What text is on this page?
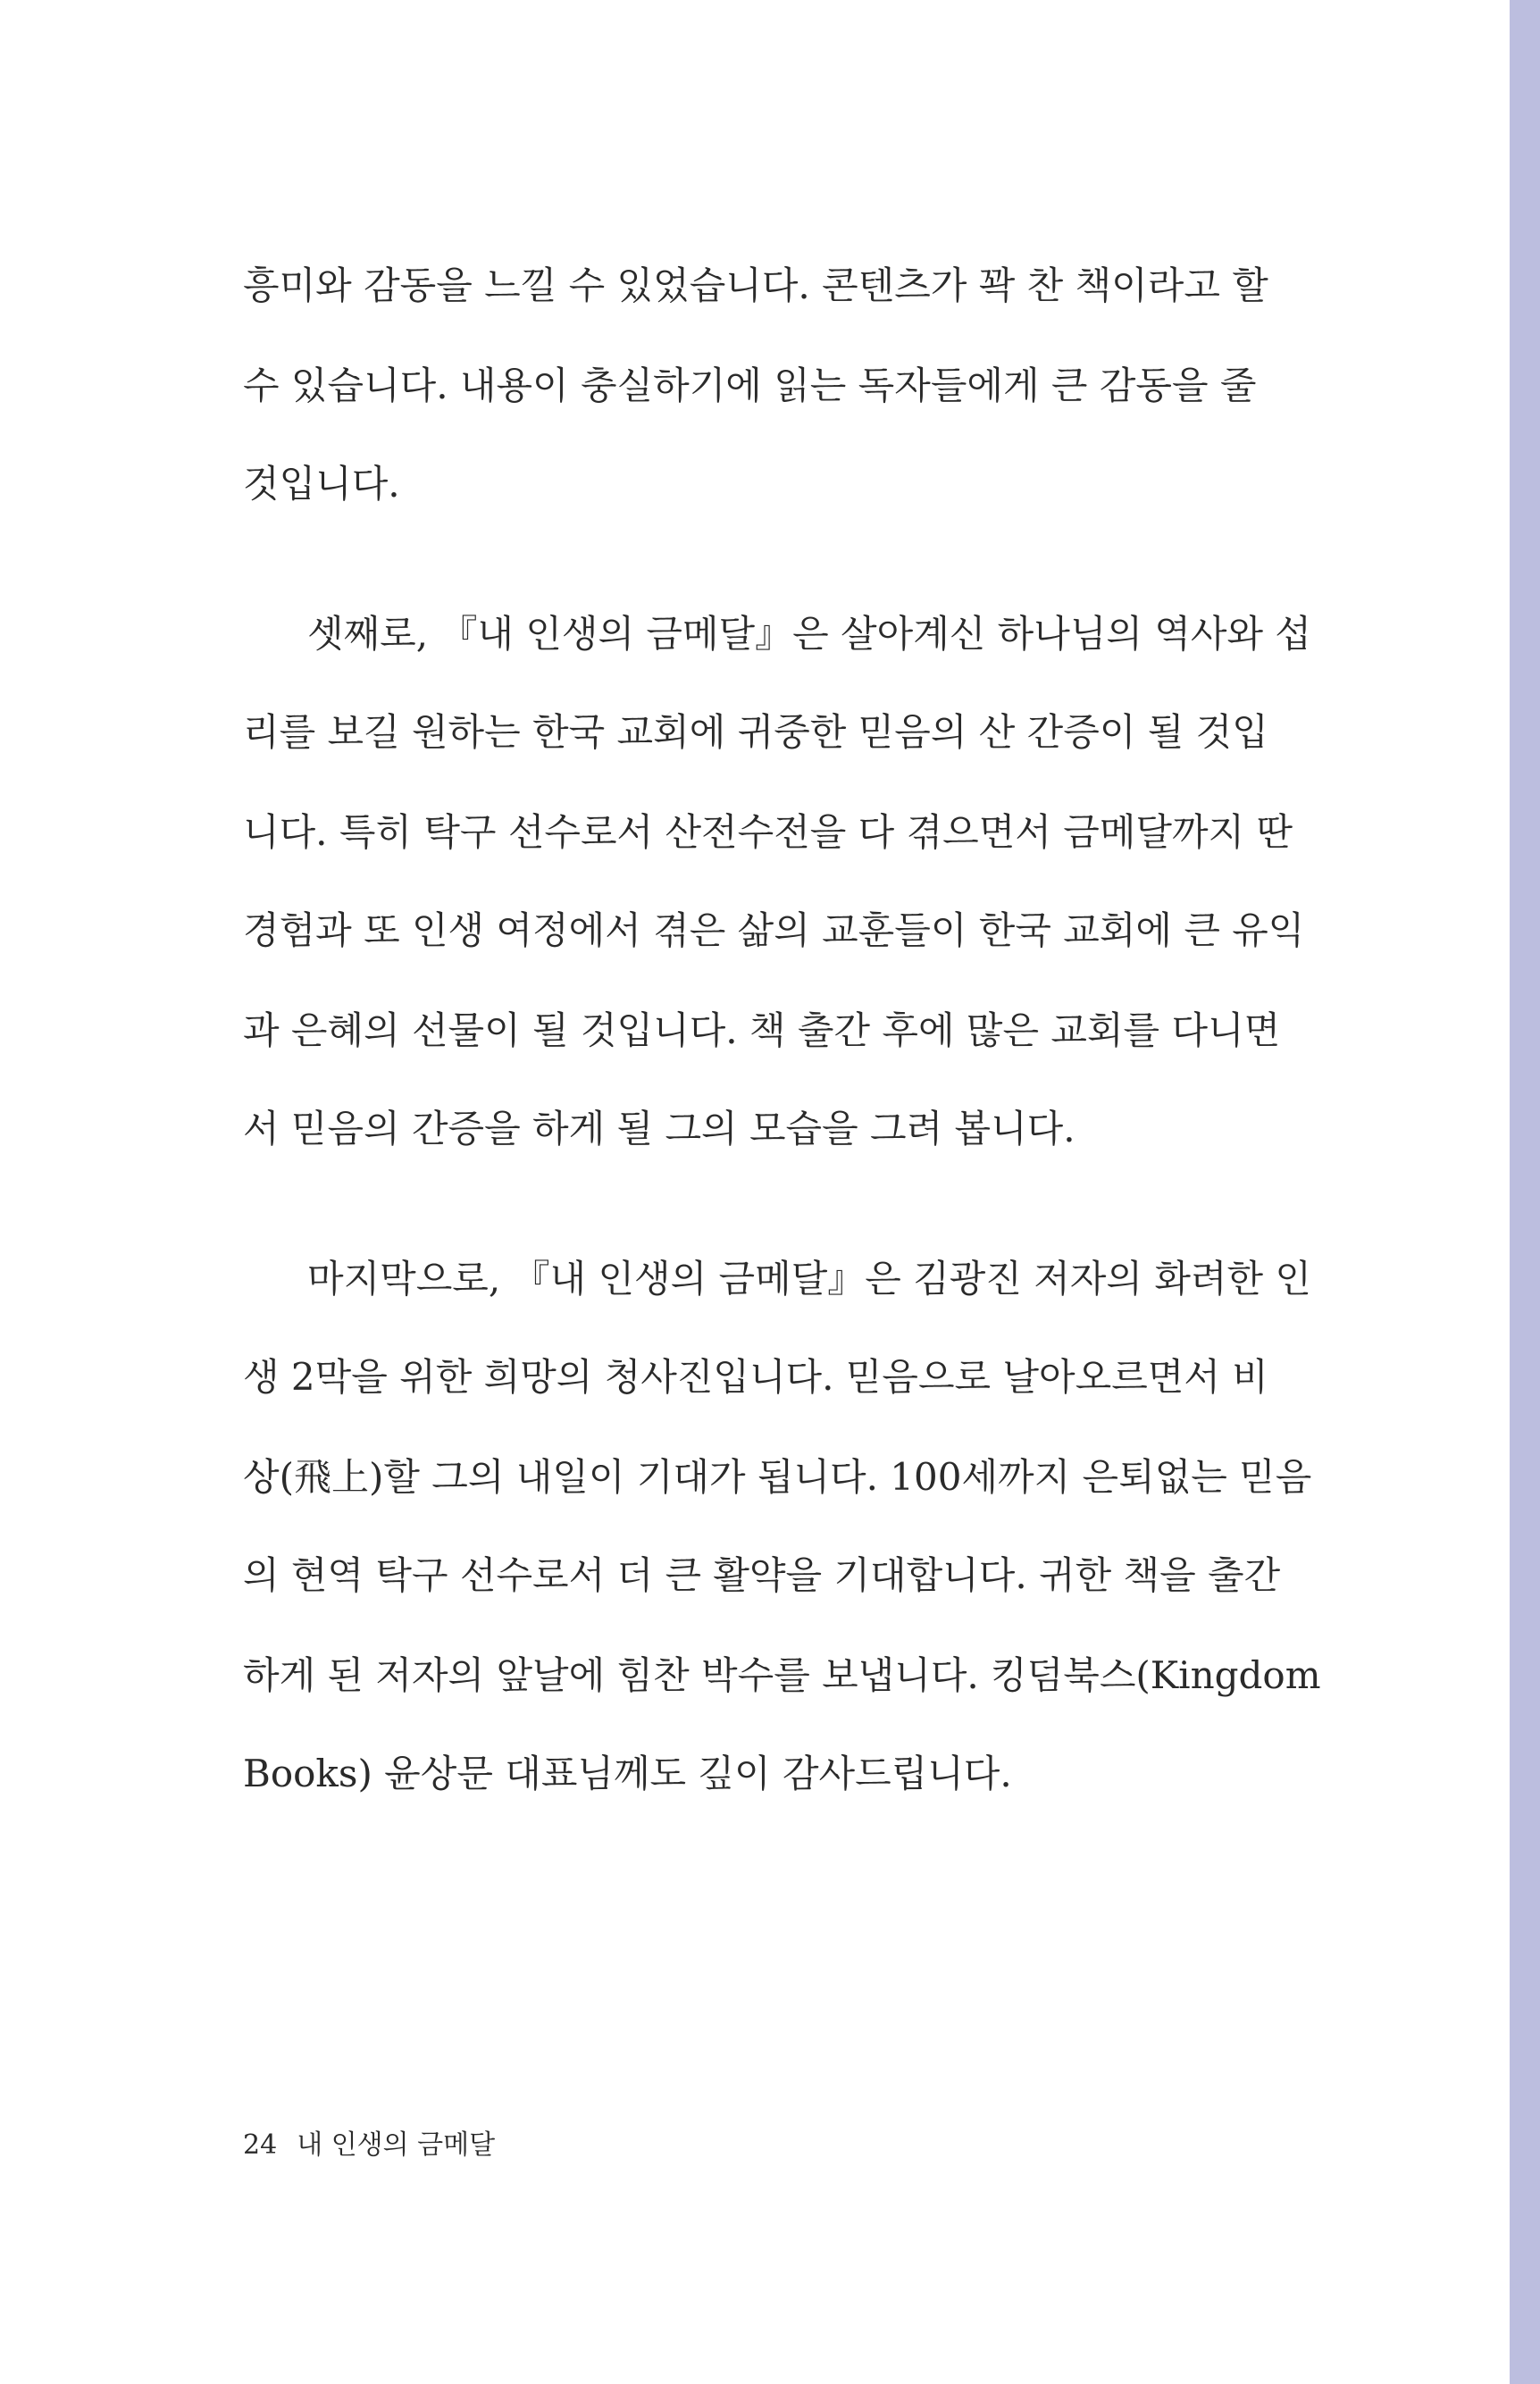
흥미와 감동을 느낄 수 있었습니다. 콘텐츠가 꽉 찬 책이라고 할
수 있습니다. 내용이 충실하기에 읽는 독자들에게 큰 감동을 줄
것입니다.
셋째로, 『내 인생의 금메달』은 살아계신 하나님의 역사와 섭
리를 보길 원하는 한국 교회에 귀중한 믿음의 산 간증이 될 것입
니다. 특히 탁구 선수로서 산전수전을 다 겪으면서 금메달까지 딴
경험과 또 인생 여정에서 겪은 삶의 교훈들이 한국 교회에 큰 유익
과 은혜의 선물이 될 것입니다. 책 출간 후에 많은 교회를 다니면
서 믿음의 간증을 하게 될 그의 모습을 그려 봅니다.
마지막으로, 『내 인생의 금메달』은 김광진 저자의 화려한 인
생 2막을 위한 희망의 청사진입니다. 믿음으로 날아오르면서 비
상(飛上)할 그의 내일이 기대가 됩니다. 100세까지 은퇴없는 믿음
의 현역 탁구 선수로서 더 큰 활약을 기대합니다. 귀한 책을 출간
하게 된 저자의 앞날에 힘찬 박수를 보냅니다. 킹덤북스(Kingdom
Books) 윤상문 대표님께도 깊이 감사드립니다.
24 내 인생의 금메달
